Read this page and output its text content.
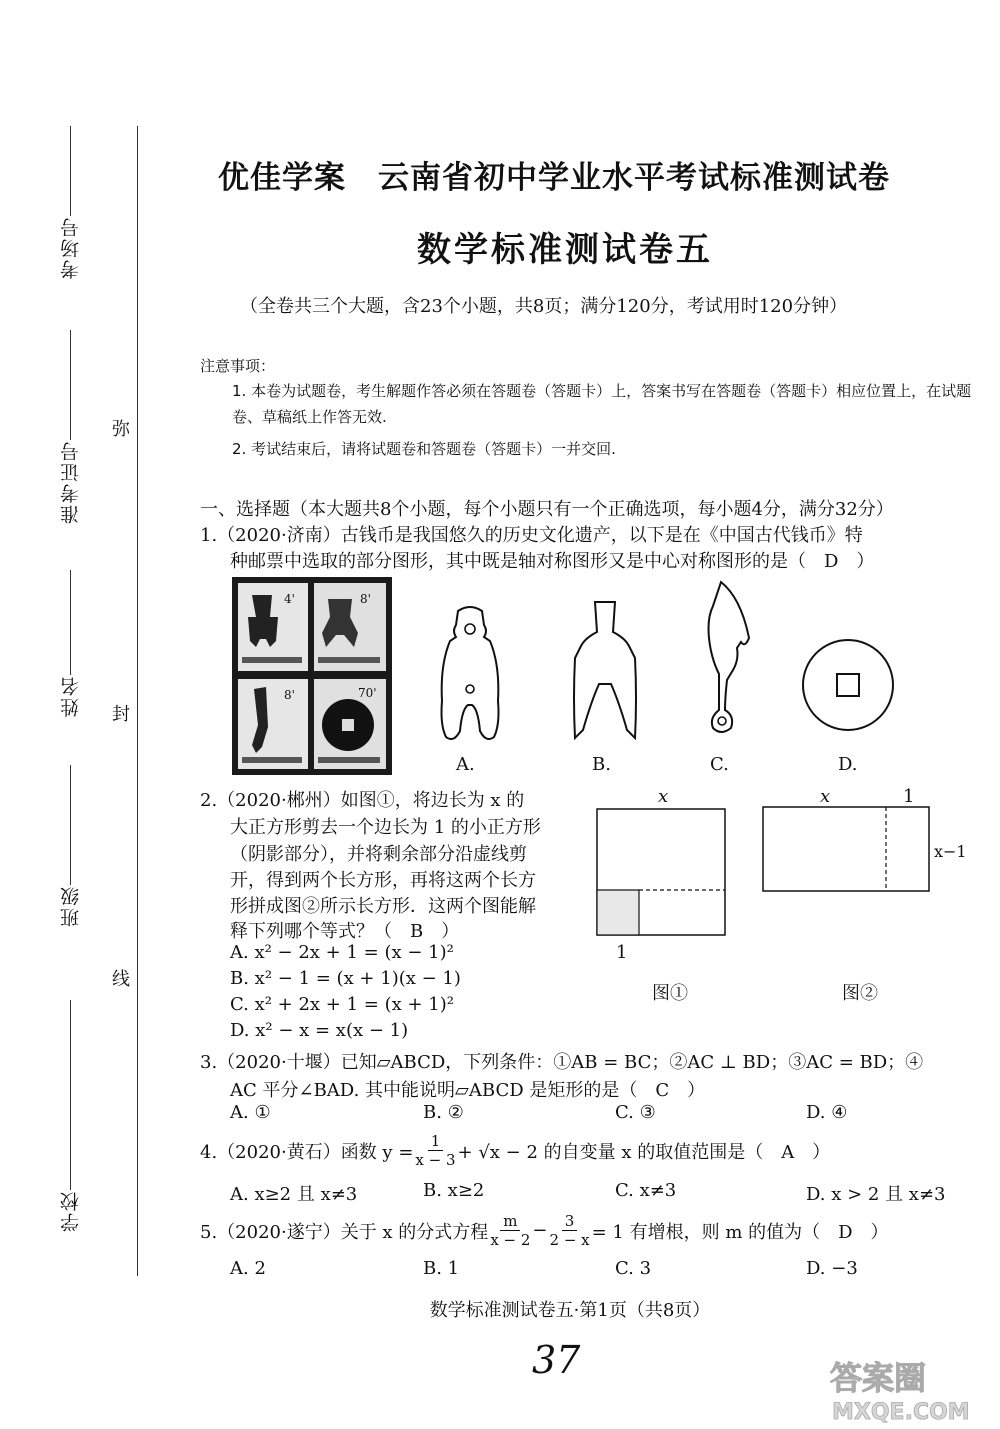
考场号
准考证号
姓名
班级
学校
弥
封
线
优佳学案　云南省初中学业水平考试标准测试卷
数学标准测试卷五
（全卷共三个大题，含23个小题，共8页；满分120分，考试用时120分钟）
注意事项：
1. 本卷为试题卷，考生解题作答必须在答题卷（答题卡）上，答案书写在答题卷（答题卡）相应位置上，在试题卷、草稿纸上作答无效.
2. 考试结束后，请将试题卷和答题卷（答题卡）一并交回.
一、选择题（本大题共8个小题，每个小题只有一个正确选项，每小题4分，满分32分）
1.（2020·济南）古钱币是我国悠久的历史文化遗产，以下是在《中国古代钱币》特
种邮票中选取的部分图形，其中既是轴对称图形又是中心对称图形的是（　D　）
4'	8'
8'	70'
A.	B.	C.	D.
2.（2020·郴州）如图①，将边长为 x 的
大正方形剪去一个边长为 1 的小正方形
（阴影部分），并将剩余部分沿虚线剪
开，得到两个长方形，再将这两个长方
形拼成图②所示长方形．这两个图能解
释下列哪个等式？（　B　）
A. x² − 2x + 1 = (x − 1)²
B. x² − 1 = (x + 1)(x − 1)
C. x² + 2x + 1 = (x + 1)²
D. x² − x = x(x − 1)
x
1
图①
x	1
x−1
图②
3.（2020·十堰）已知▱ABCD，下列条件：①AB = BC；②AC ⊥ BD；③AC = BD；④
AC 平分∠BAD. 其中能说明▱ABCD 是矩形的是（　C　）
A. ①	B. ②	C. ③	D. ④
4.（2020·黄石）函数 $y = \frac{1}{x - 3} + √x - 2$ 的自变量 x 的取值范围是（　A　）
A. x≥2 且 x≠3	B. x≥2	C. x≠3	D. x > 2 且 x≠3
5.（2020·遂宁）关于 x 的分式方程 $\frac{m}{x - 2} - \frac{3}{2 - x} = 1$ 有增根，则 m 的值为（　D　）
A. 2	B. 1	C. 3	D. −3
数学标准测试卷五·第1页（共8页）
37	答案圈
MXQE.COM
